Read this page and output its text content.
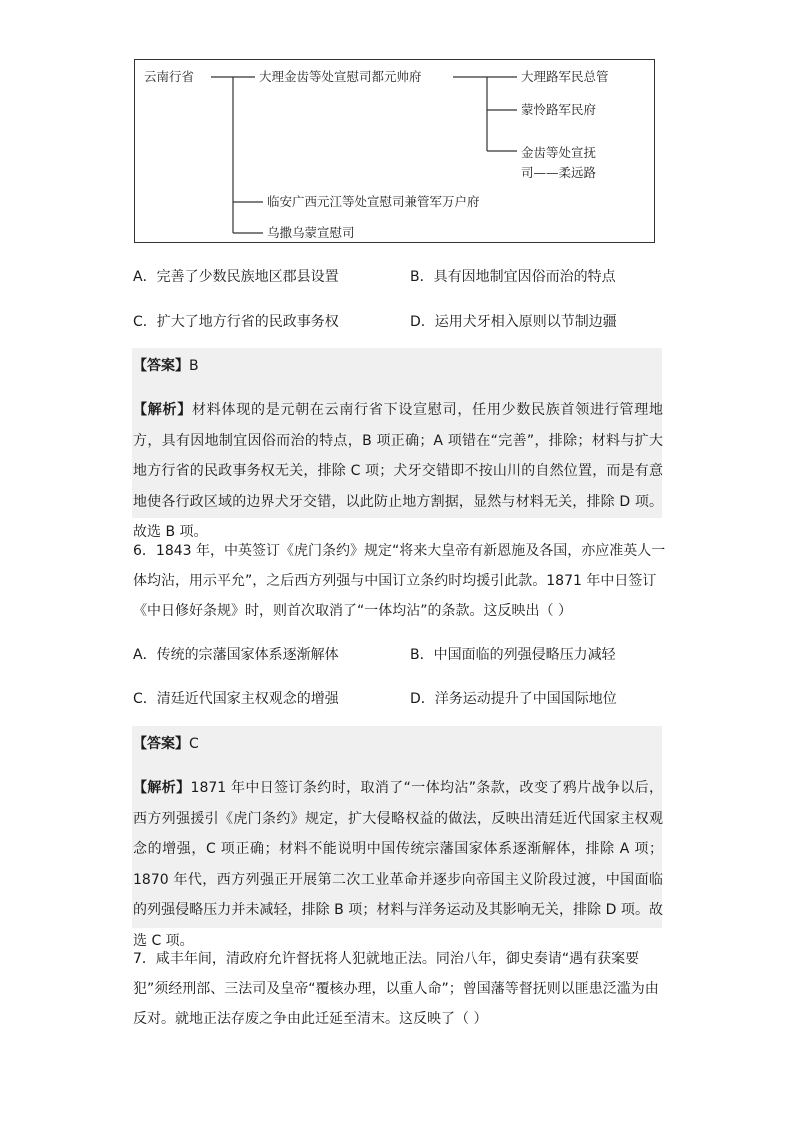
云南行省	大理金齿等处宣慰司都元帅府	大理路军民总管
蒙怜路军民府
金齿等处宣抚
司——柔远路
临安广西元江等处宣慰司兼管军万户府
乌撒乌蒙宣慰司
A．完善了少数民族地区郡县设置	B．具有因地制宜因俗而治的特点
C．扩大了地方行省的民政事务权	D．运用犬牙相入原则以节制边疆
【答案】B
【解析】材料体现的是元朝在云南行省下设宣慰司，任用少数民族首领进行管理地方，具有因地制宜因俗而治的特点，B 项正确；A 项错在“完善”，排除；材料与扩大地方行省的民政事务权无关，排除 C 项；犬牙交错即不按山川的自然位置，而是有意地使各行政区域的边界犬牙交错，以此防止地方割据，显然与材料无关，排除 D 项。故选 B 项。
6．1843 年，中英签订《虎门条约》规定“将来大皇帝有新恩施及各国，亦应准英人一体均沾，用示平允”，之后西方列强与中国订立条约时均援引此款。1871 年中日签订《中日修好条规》时，则首次取消了“一体均沾”的条款。这反映出（ ）
A．传统的宗藩国家体系逐渐解体	B．中国面临的列强侵略压力减轻
C．清廷近代国家主权观念的增强	D．洋务运动提升了中国国际地位
【答案】C
【解析】1871 年中日签订条约时，取消了“一体均沾”条款，改变了鸦片战争以后，西方列强援引《虎门条约》规定，扩大侵略权益的做法，反映出清廷近代国家主权观念的增强，C 项正确；材料不能说明中国传统宗藩国家体系逐渐解体，排除 A 项；1870 年代，西方列强正开展第二次工业革命并逐步向帝国主义阶段过渡，中国面临的列强侵略压力并未减轻，排除 B 项；材料与洋务运动及其影响无关，排除 D 项。故选 C 项。
7．咸丰年间，清政府允许督抚将人犯就地正法。同治八年，御史奏请“遇有获案要犯”须经刑部、三法司及皇帝“覆核办理，以重人命”；曾国藩等督抚则以匪患泛滥为由反对。就地正法存废之争由此迁延至清末。这反映了（ ）
